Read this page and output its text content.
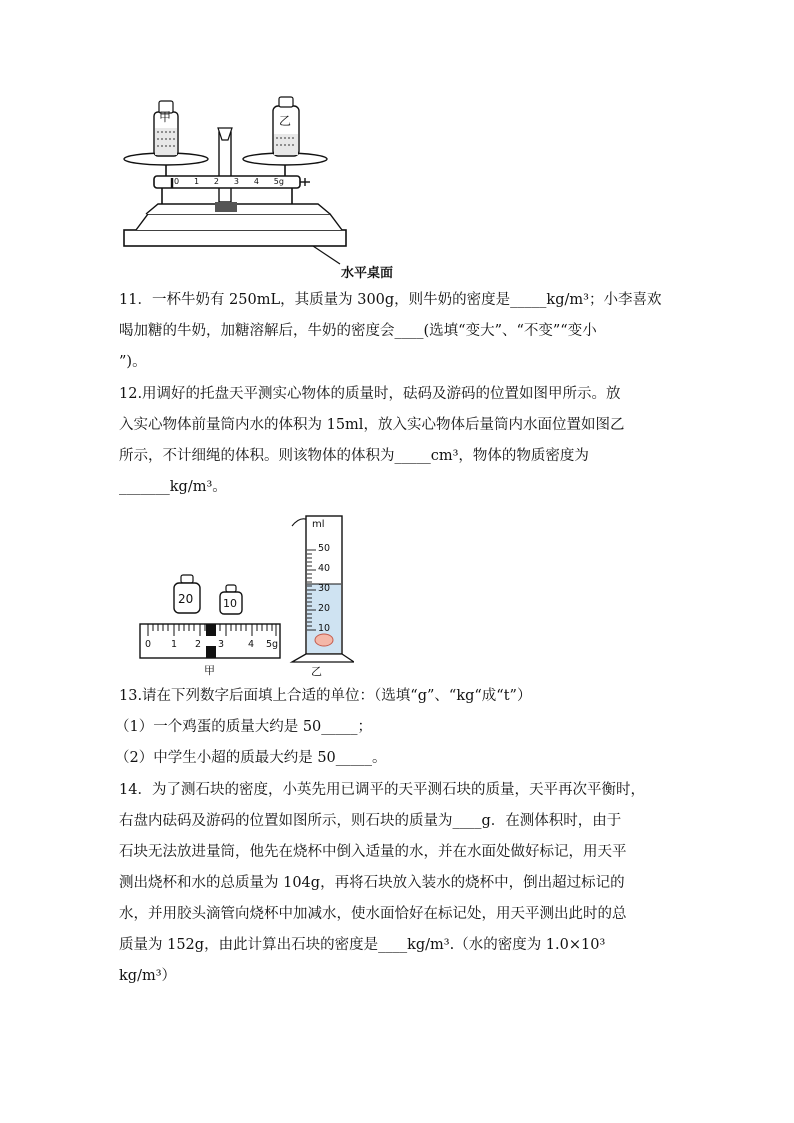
甲	乙
0 1 2 3 4 5g
水平桌面
11．一杯牛奶有 250mL，其质量为 300g，则牛奶的密度是_____kg/m³；小李喜欢
喝加糖的牛奶，加糖溶解后，牛奶的密度会____(选填“变大”、“不变”“变小
”)。
12.用调好的托盘天平测实心物体的质量时，砝码及游码的位置如图甲所示。放
入实心物体前量筒内水的体积为 15ml，放入实心物体后量筒内水面位置如图乙
所示，不计细绳的体积。则该物体的体积为_____cm³，物体的物质密度为
_______kg/m³。
20	10
0 1 2 3	4 5g
甲
ml
50
40
30
20
10
乙
13.请在下列数字后面填上合适的单位：（选填“g”、“kg“成“t”）
（1）一个鸡蛋的质量大约是 50_____；
（2）中学生小超的质最大约是 50_____。
14．为了测石块的密度，小英先用已调平的天平测石块的质量，天平再次平衡时，
右盘内砝码及游码的位置如图所示，则石块的质量为____g．在测体积时，由于
石块无法放进量筒，他先在烧杯中倒入适量的水，并在水面处做好标记，用天平
测出烧杯和水的总质量为 104g，再将石块放入装水的烧杯中，倒出超过标记的
水，并用胶头滴管向烧杯中加减水，使水面恰好在标记处，用天平测出此时的总
质量为 152g，由此计算出石块的密度是____kg/m³.（水的密度为 1.0×10³
kg/m³）
